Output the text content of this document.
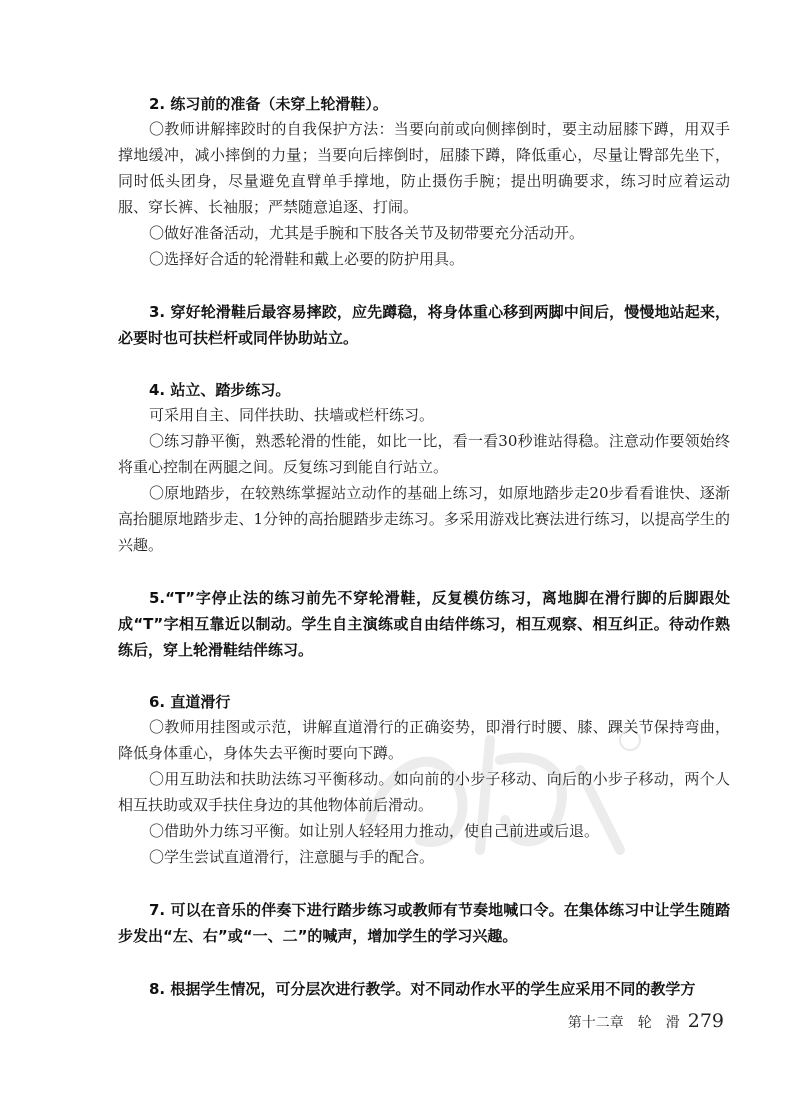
2. 练习前的准备（未穿上轮滑鞋）。

〇教师讲解摔跤时的自我保护方法：当要向前或向侧摔倒时，要主动屈膝下蹲，用双手撑地缓冲，减小摔倒的力量；当要向后摔倒时，屈膝下蹲，降低重心，尽量让臀部先坐下，同时低头团身，尽量避免直臂单手撑地，防止摄伤手腕；提出明确要求，练习时应着运动服、穿长裤、长袖服；严禁随意追逐、打闹。

〇做好准备活动，尤其是手腕和下肢各关节及韧带要充分活动开。

〇选择好合适的轮滑鞋和戴上必要的防护用具。

3. 穿好轮滑鞋后最容易摔跤，应先蹲稳，将身体重心移到两脚中间后，慢慢地站起来，必要时也可扶栏杆或同伴协助站立。

4. 站立、踏步练习。

可采用自主、同伴扶助、扶墙或栏杆练习。

〇练习静平衡，熟悉轮滑的性能，如比一比，看一看30秒谁站得稳。注意动作要领始终将重心控制在两腿之间。反复练习到能自行站立。

〇原地踏步，在较熟练掌握站立动作的基础上练习，如原地踏步走20步看看谁快、逐渐高抬腿原地踏步走、1分钟的高抬腿踏步走练习。多采用游戏比赛法进行练习，以提高学生的兴趣。

5.“T”字停止法的练习前先不穿轮滑鞋，反复模仿练习，离地脚在滑行脚的后脚跟处成“T”字相互靠近以制动。学生自主演练或自由结伴练习，相互观察、相互纠正。待动作熟练后，穿上轮滑鞋结伴练习。

6. 直道滑行

〇教师用挂图或示范，讲解直道滑行的正确姿势，即滑行时腰、膝、踝关节保持弯曲，降低身体重心，身体失去平衡时要向下蹲。

〇用互助法和扶助法练习平衡移动。如向前的小步子移动、向后的小步子移动，两个人相互扶助或双手扶住身边的其他物体前后滑动。

〇借助外力练习平衡。如让别人轻轻用力推动，使自己前进或后退。

〇学生尝试直道滑行，注意腿与手的配合。

7. 可以在音乐的伴奏下进行踏步练习或教师有节奏地喊口令。在集体练习中让学生随踏步发出“左、右”或“一、二”的喊声，增加学生的学习兴趣。

8. 根据学生情况，可分层次进行教学。对不同动作水平的学生应采用不同的教学方

第十二章　轮　滑 279
